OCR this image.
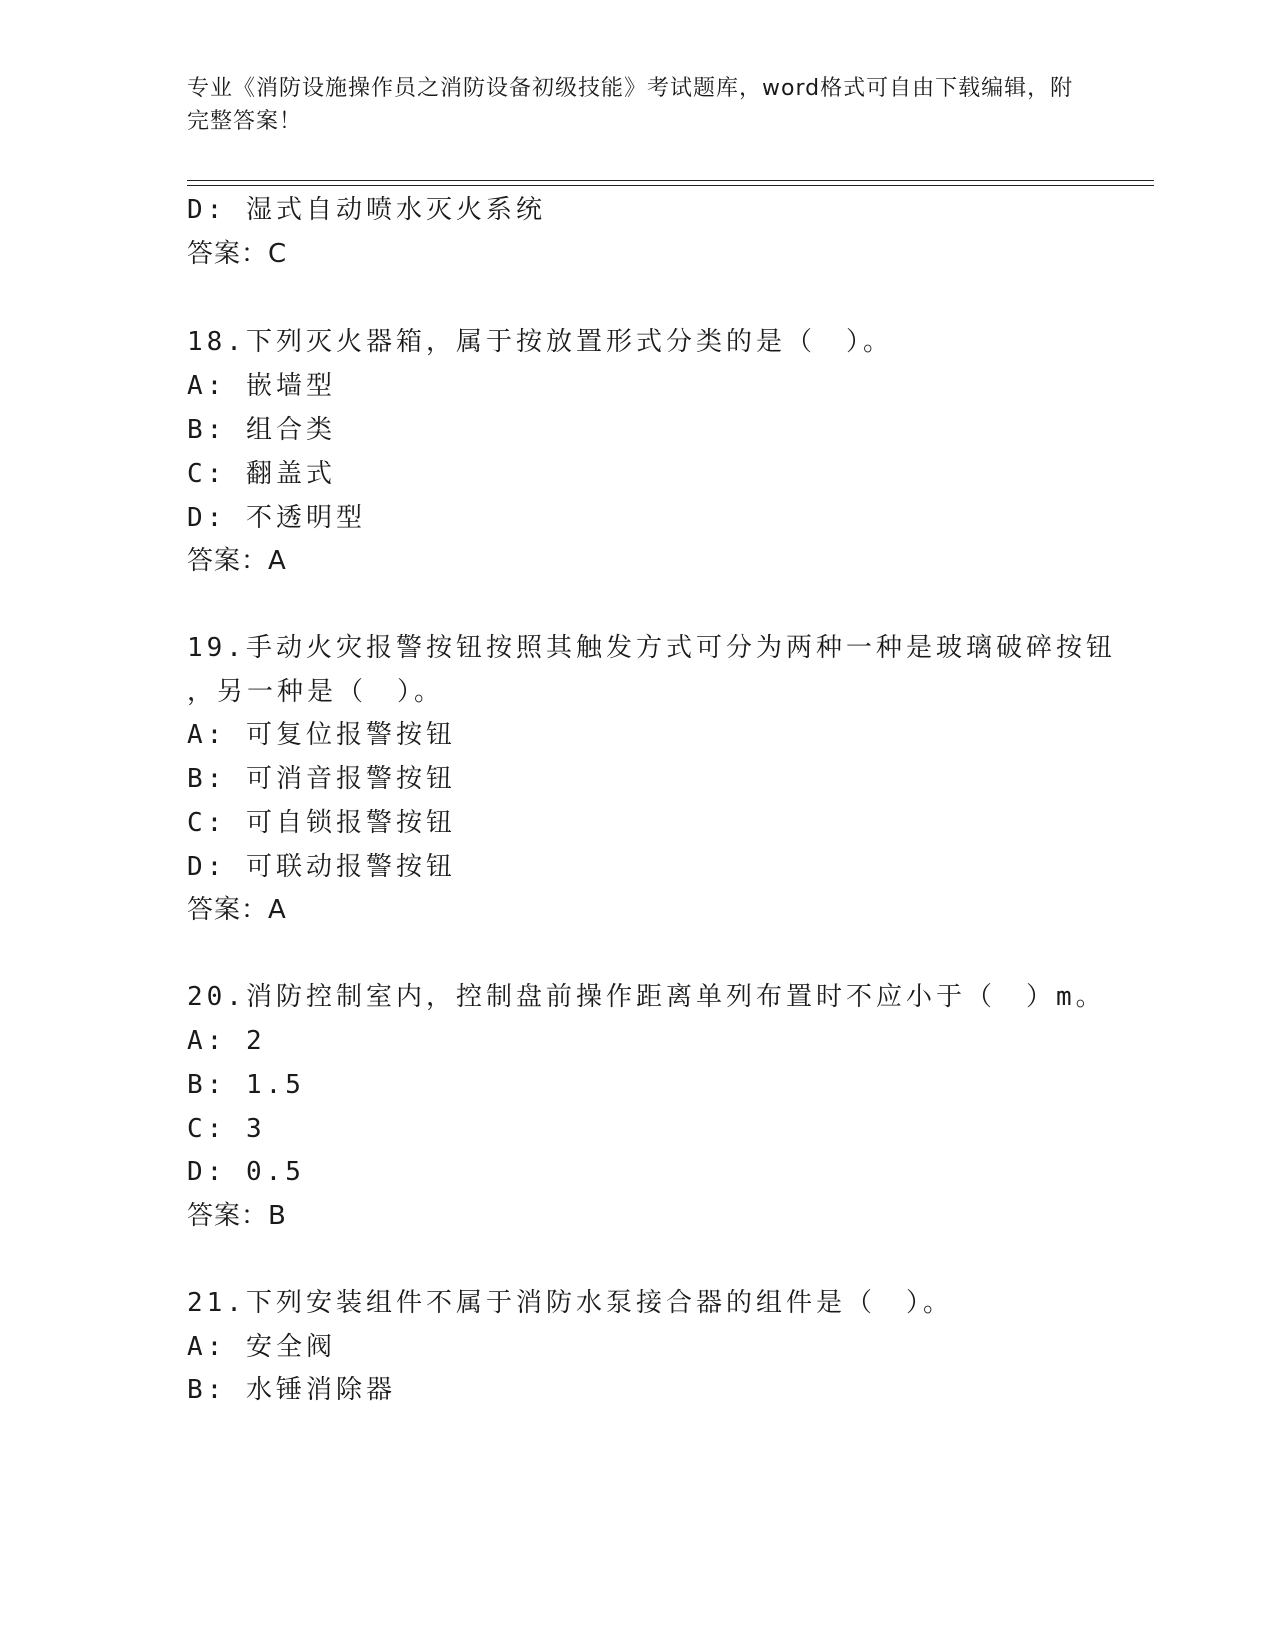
专业《消防设施操作员之消防设备初级技能》考试题库，word格式可自由下载编辑，附完整答案！
D: 湿式自动喷水灭火系统
答案：C
18.下列灭火器箱，属于按放置形式分类的是（　）。
A: 嵌墙型
B: 组合类
C: 翻盖式
D: 不透明型
答案：A
19.手动火灾报警按钮按照其触发方式可分为两种一种是玻璃破碎按钮
，另一种是（　）。
A: 可复位报警按钮
B: 可消音报警按钮
C: 可自锁报警按钮
D: 可联动报警按钮
答案：A
20.消防控制室内，控制盘前操作距离单列布置时不应小于（　）m。
A: 2
B: 1.5
C: 3
D: 0.5
答案：B
21.下列安装组件不属于消防水泵接合器的组件是（　）。
A: 安全阀
B: 水锤消除器
